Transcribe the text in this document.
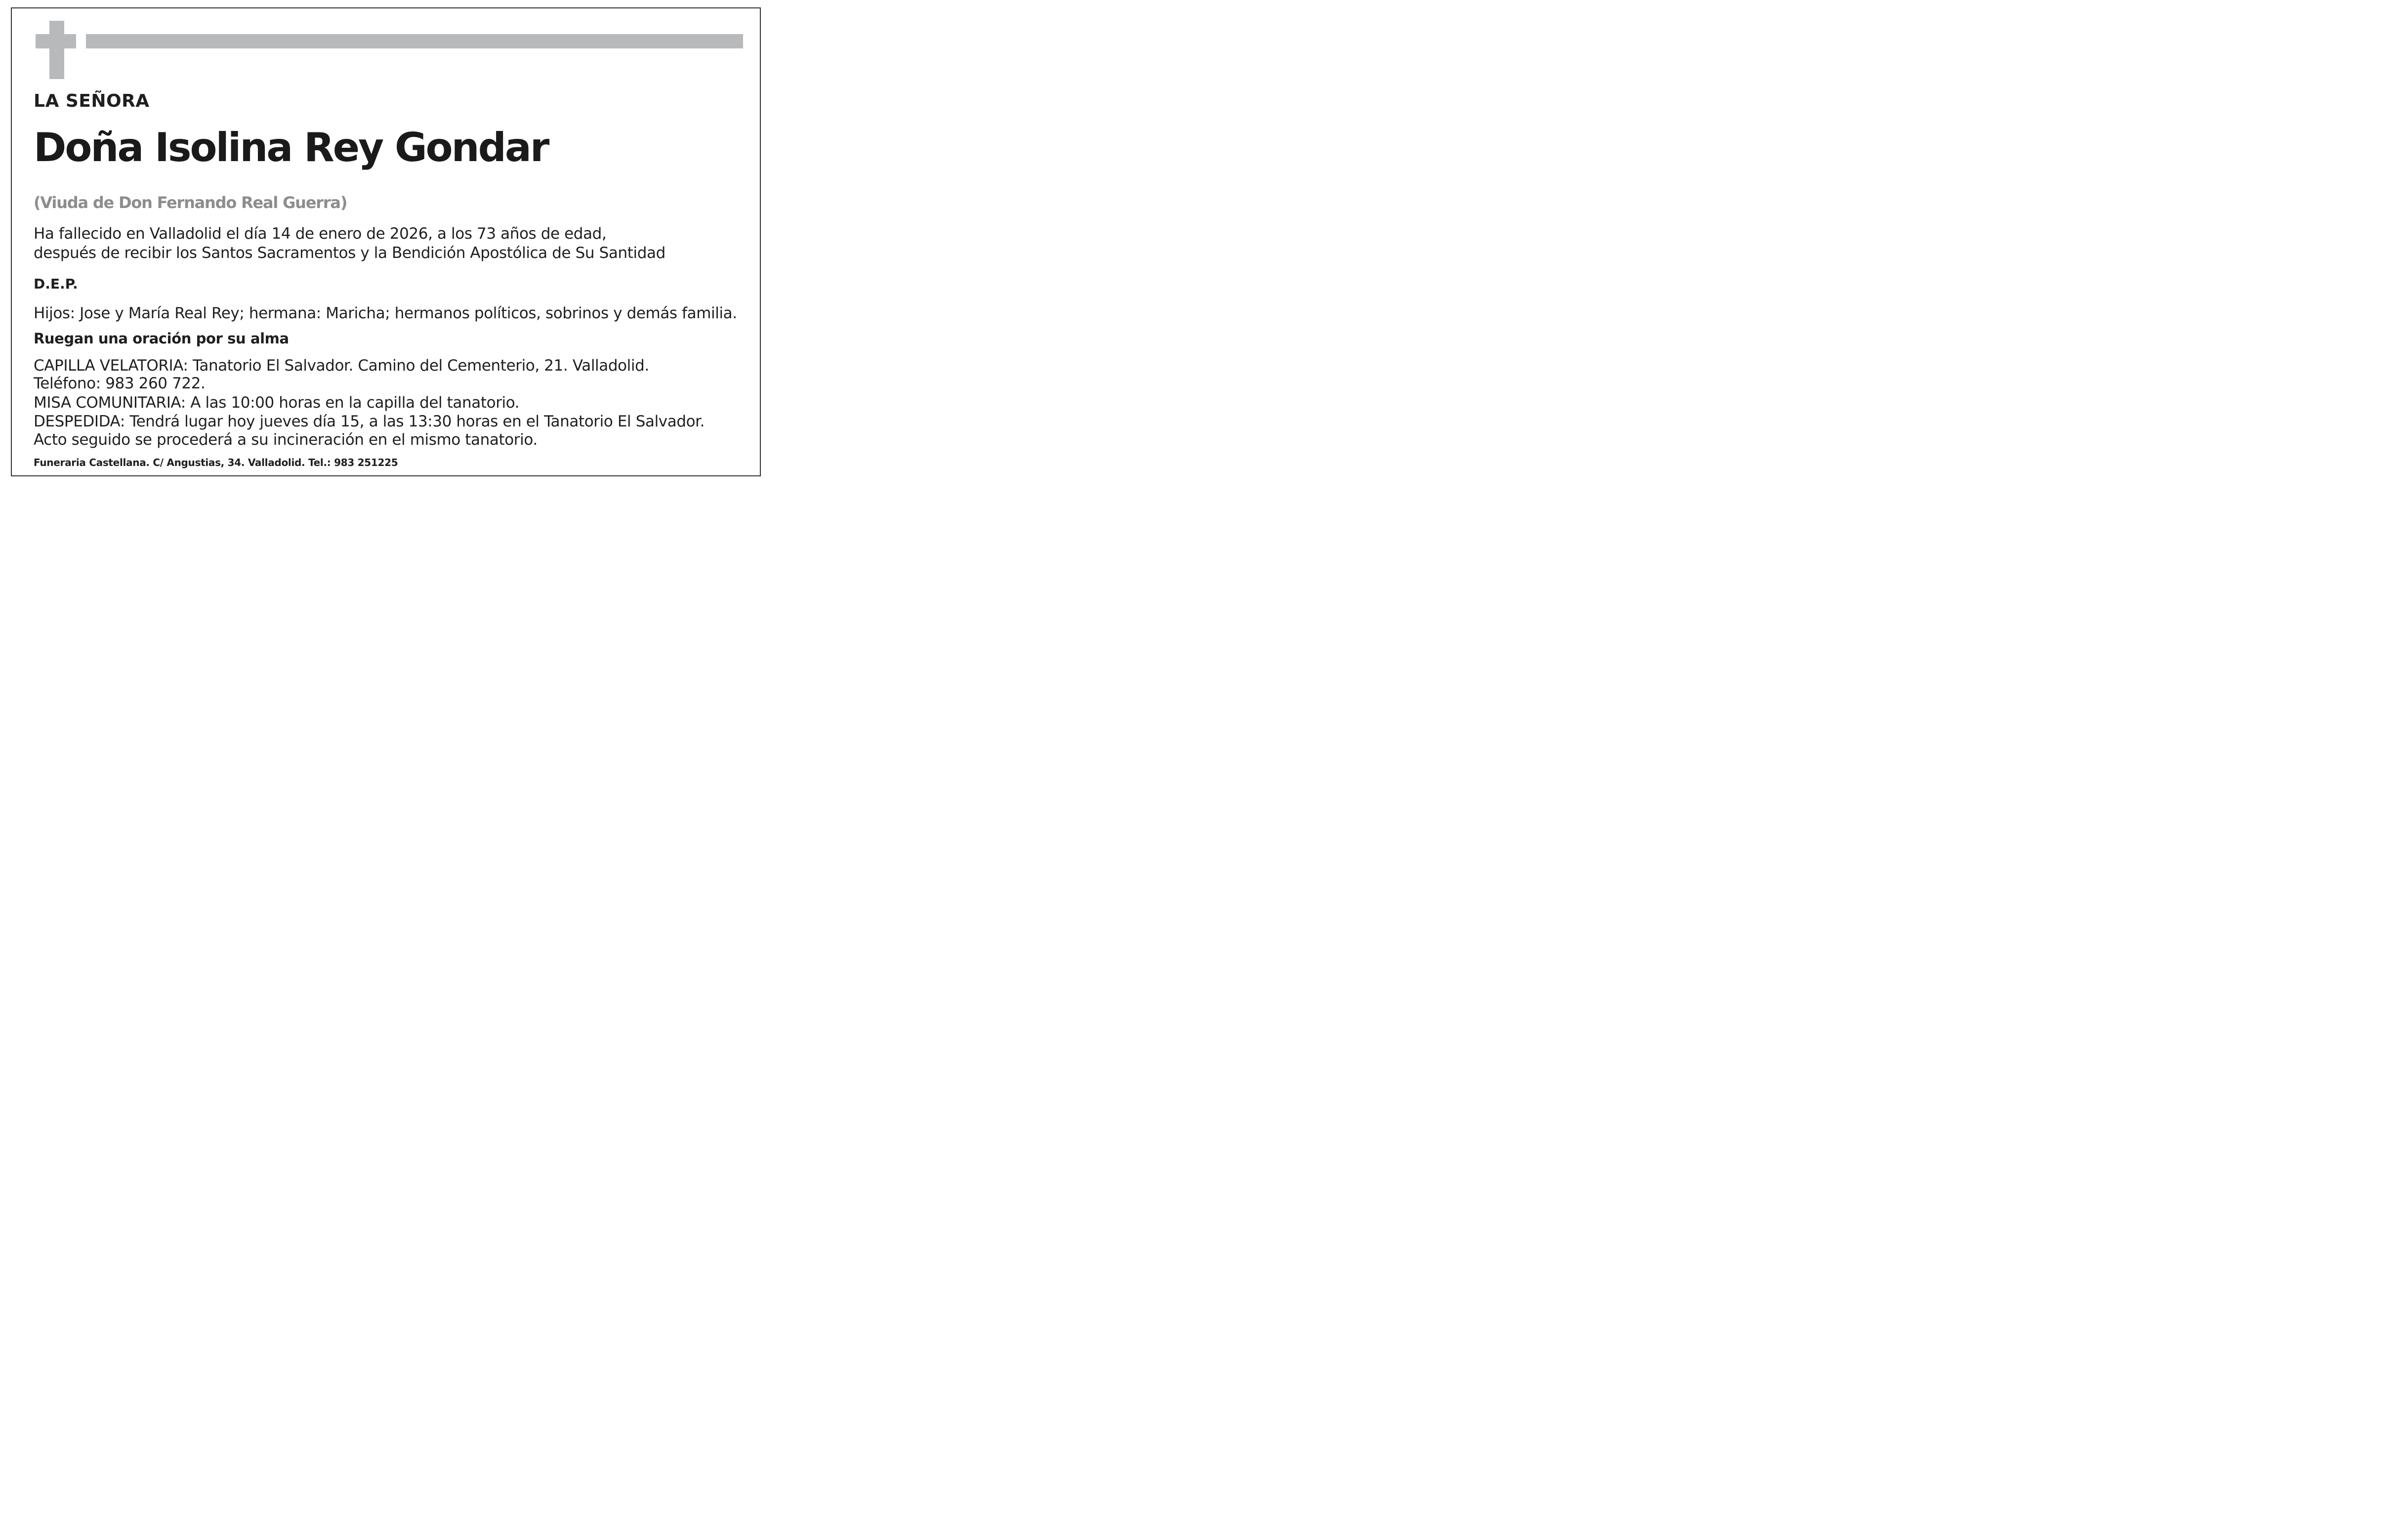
LA SEÑORA

Doña Isolina Rey Gondar

(Viuda de Don Fernando Real Guerra)

Ha fallecido en Valladolid el día 14 de enero de 2026, a los 73 años de edad,

después de recibir los Santos Sacramentos y la Bendición Apostólica de Su Santidad

D.E.P.

Hijos: Jose y María Real Rey; hermana: Maricha; hermanos políticos, sobrinos y demás familia.

Ruegan una oración por su alma

CAPILLA VELATORIA: Tanatorio El Salvador. Camino del Cementerio, 21. Valladolid.

Teléfono: 983 260 722.

MISA COMUNITARIA: A las 10:00 horas en la capilla del tanatorio.

DESPEDIDA: Tendrá lugar hoy jueves día 15, a las 13:30 horas en el Tanatorio El Salvador.

Acto seguido se procederá a su incineración en el mismo tanatorio.

Funeraria Castellana. C/ Angustias, 34. Valladolid. Tel.: 983 251225
